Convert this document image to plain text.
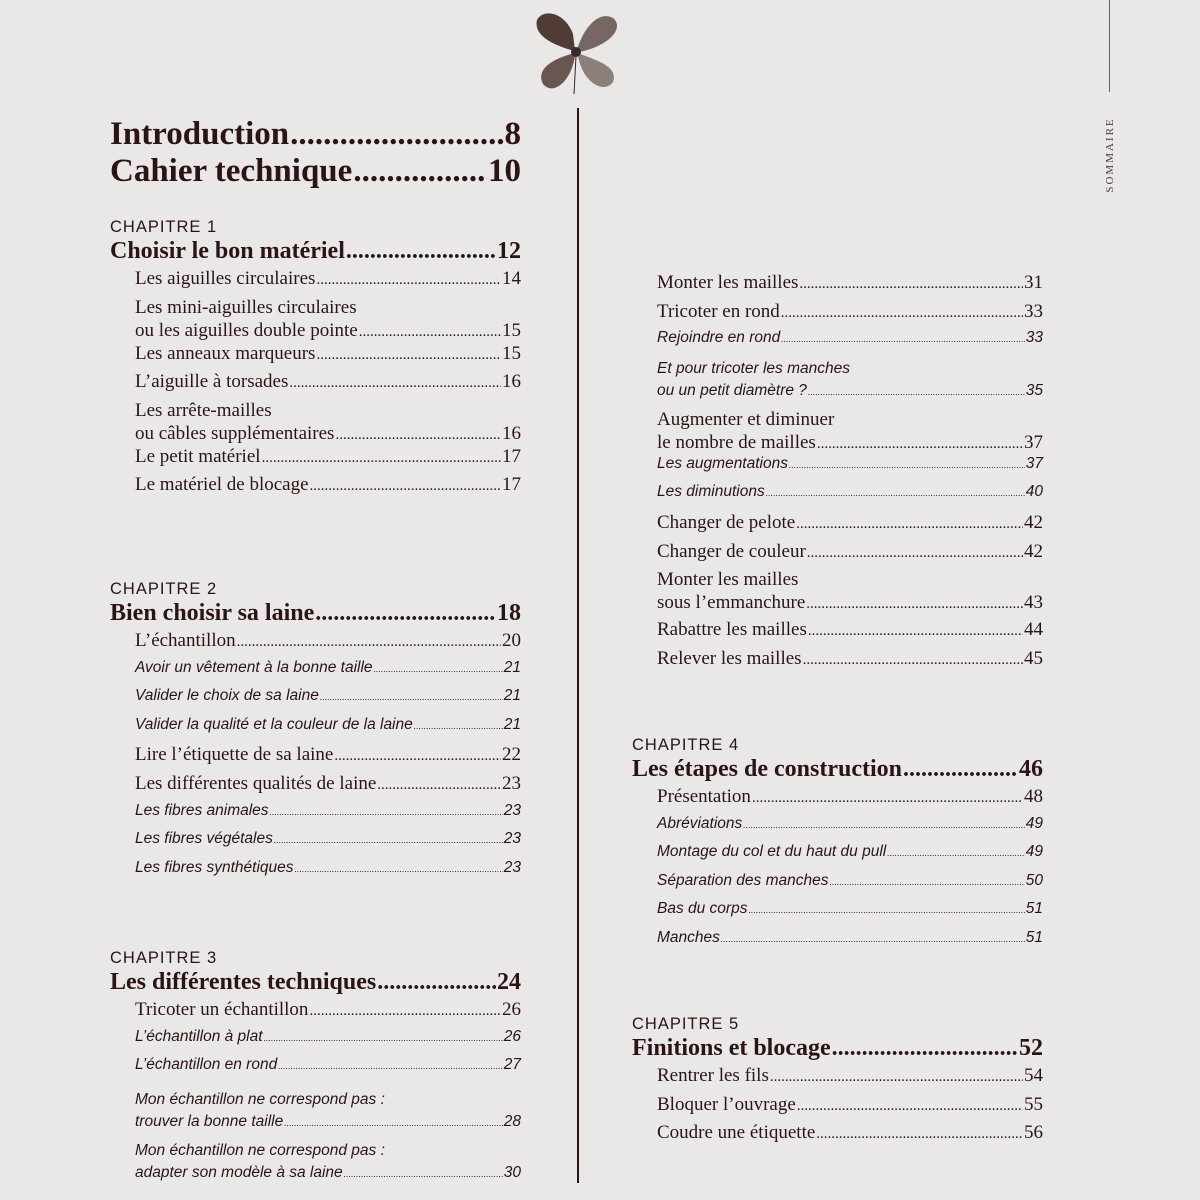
SOMMAIRE
Introduction .....	8
Cahier technique .....	10
CHAPITRE 1
Choisir le bon matériel .....	12
Les aiguilles circulaires .....	14
Les mini-aiguilles circulaires
ou les aiguilles double pointe .....	15
Les anneaux marqueurs .....	15
L’aiguille à torsades .....	16
Les arrête-mailles
ou câbles supplémentaires .....	16
Le petit matériel .....	17
Le matériel de blocage .....	17
CHAPITRE 2
Bien choisir sa laine .....	18
L’échantillon .....	20
Avoir un vêtement à la bonne taille .....	21
Valider le choix de sa laine .....	21
Valider la qualité et la couleur de la laine .....	21
Lire l’étiquette de sa laine .....	22
Les différentes qualités de laine .....	23
Les fibres animales .....	23
Les fibres végétales .....	23
Les fibres synthétiques .....	23
CHAPITRE 3
Les différentes techniques .....	24
Tricoter un échantillon .....	26
L’échantillon à plat .....	26
L’échantillon en rond .....	27
Mon échantillon ne correspond pas :
trouver la bonne taille .....	28
Mon échantillon ne correspond pas :
adapter son modèle à sa laine .....	30
Monter les mailles .....	31
Tricoter en rond .....	33
Rejoindre en rond .....	33
Et pour tricoter les manches
ou un petit diamètre ? .....	35
Augmenter et diminuer
le nombre de mailles .....	37
Les augmentations .....	37
Les diminutions .....	40
Changer de pelote .....	42
Changer de couleur .....	42
Monter les mailles
sous l’emmanchure .....	43
Rabattre les mailles .....	44
Relever les mailles .....	45
CHAPITRE 4
Les étapes de construction .....	46
Présentation .....	48
Abréviations .....	49
Montage du col et du haut du pull .....	49
Séparation des manches .....	50
Bas du corps .....	51
Manches .....	51
CHAPITRE 5
Finitions et blocage .....	52
Rentrer les fils .....	54
Bloquer l’ouvrage .....	55
Coudre une étiquette .....	56
